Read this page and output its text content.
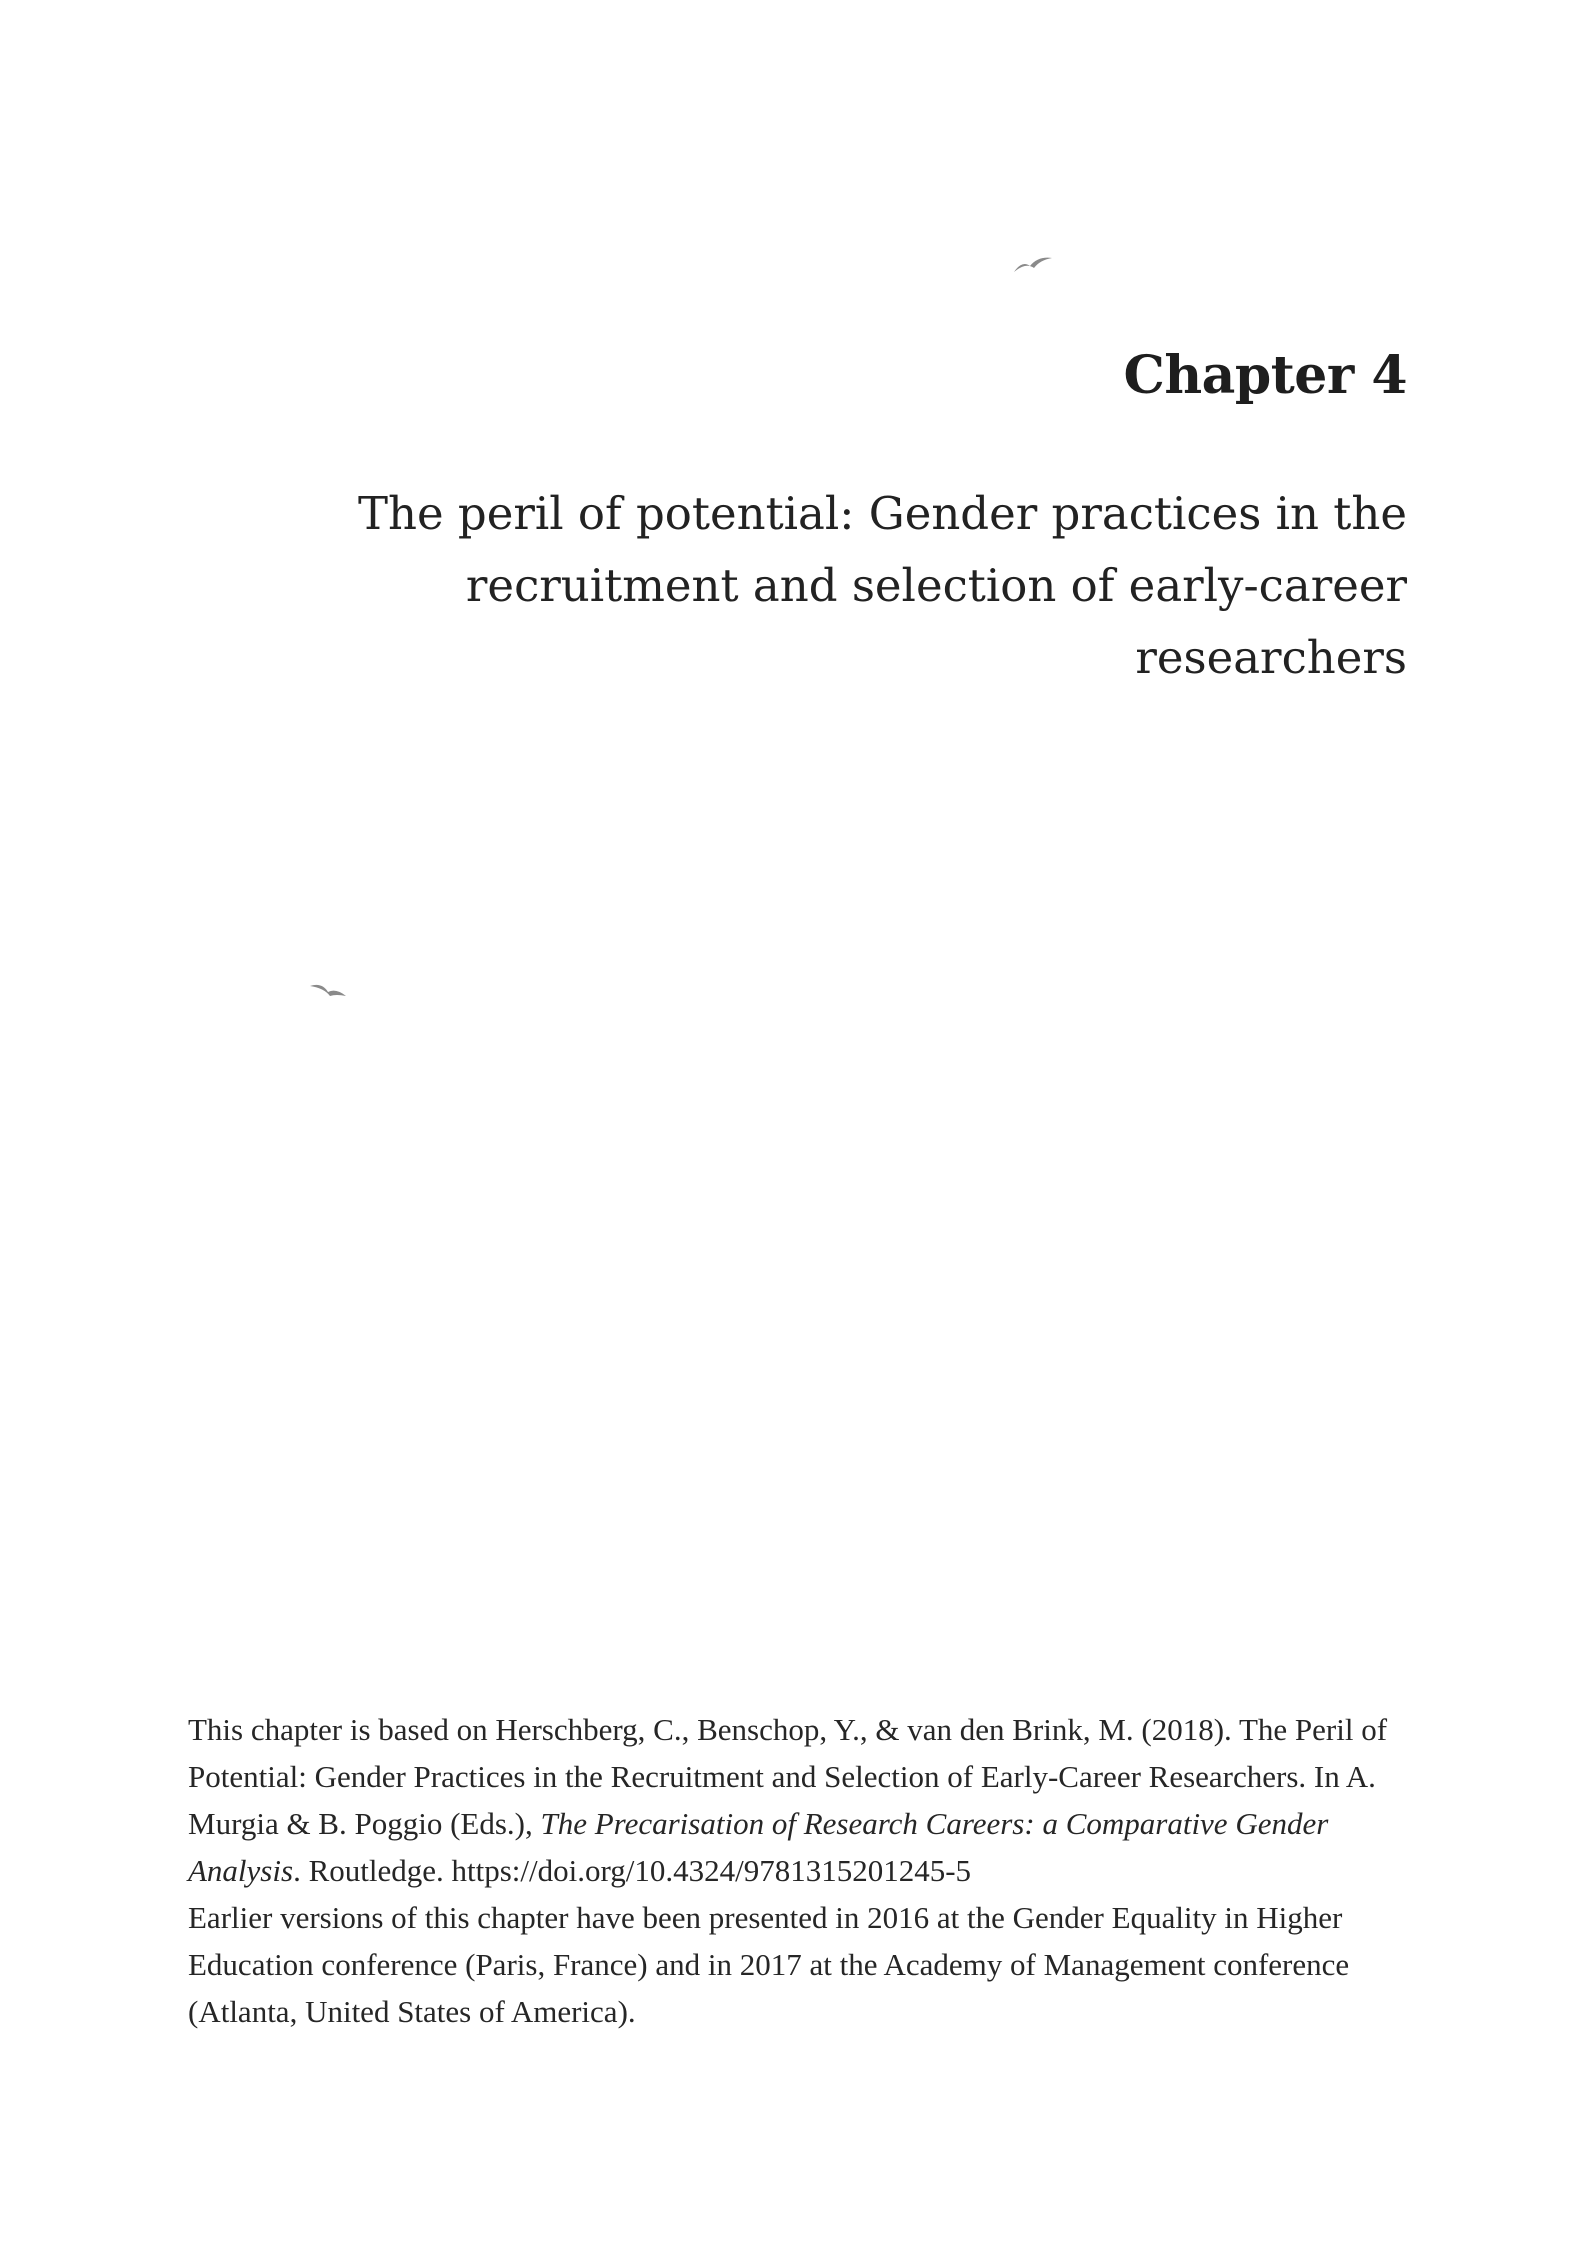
Chapter 4
The peril of potential: Gender practices in the
recruitment and selection of early-career researchers

This chapter is based on Herschberg, C., Benschop, Y., & van den Brink, M. (2018). The Peril of Potential: Gender Practices in the Recruitment and Selection of Early-Career Researchers. In A. Murgia & B. Poggio (Eds.), The Precarisation of Research Careers: a Comparative Gender Analysis. Routledge. https://doi.org/10.4324/9781315201245-5

Earlier versions of this chapter have been presented in 2016 at the Gender Equality in Higher Education conference (Paris, France) and in 2017 at the Academy of Management conference (Atlanta, United States of America).
